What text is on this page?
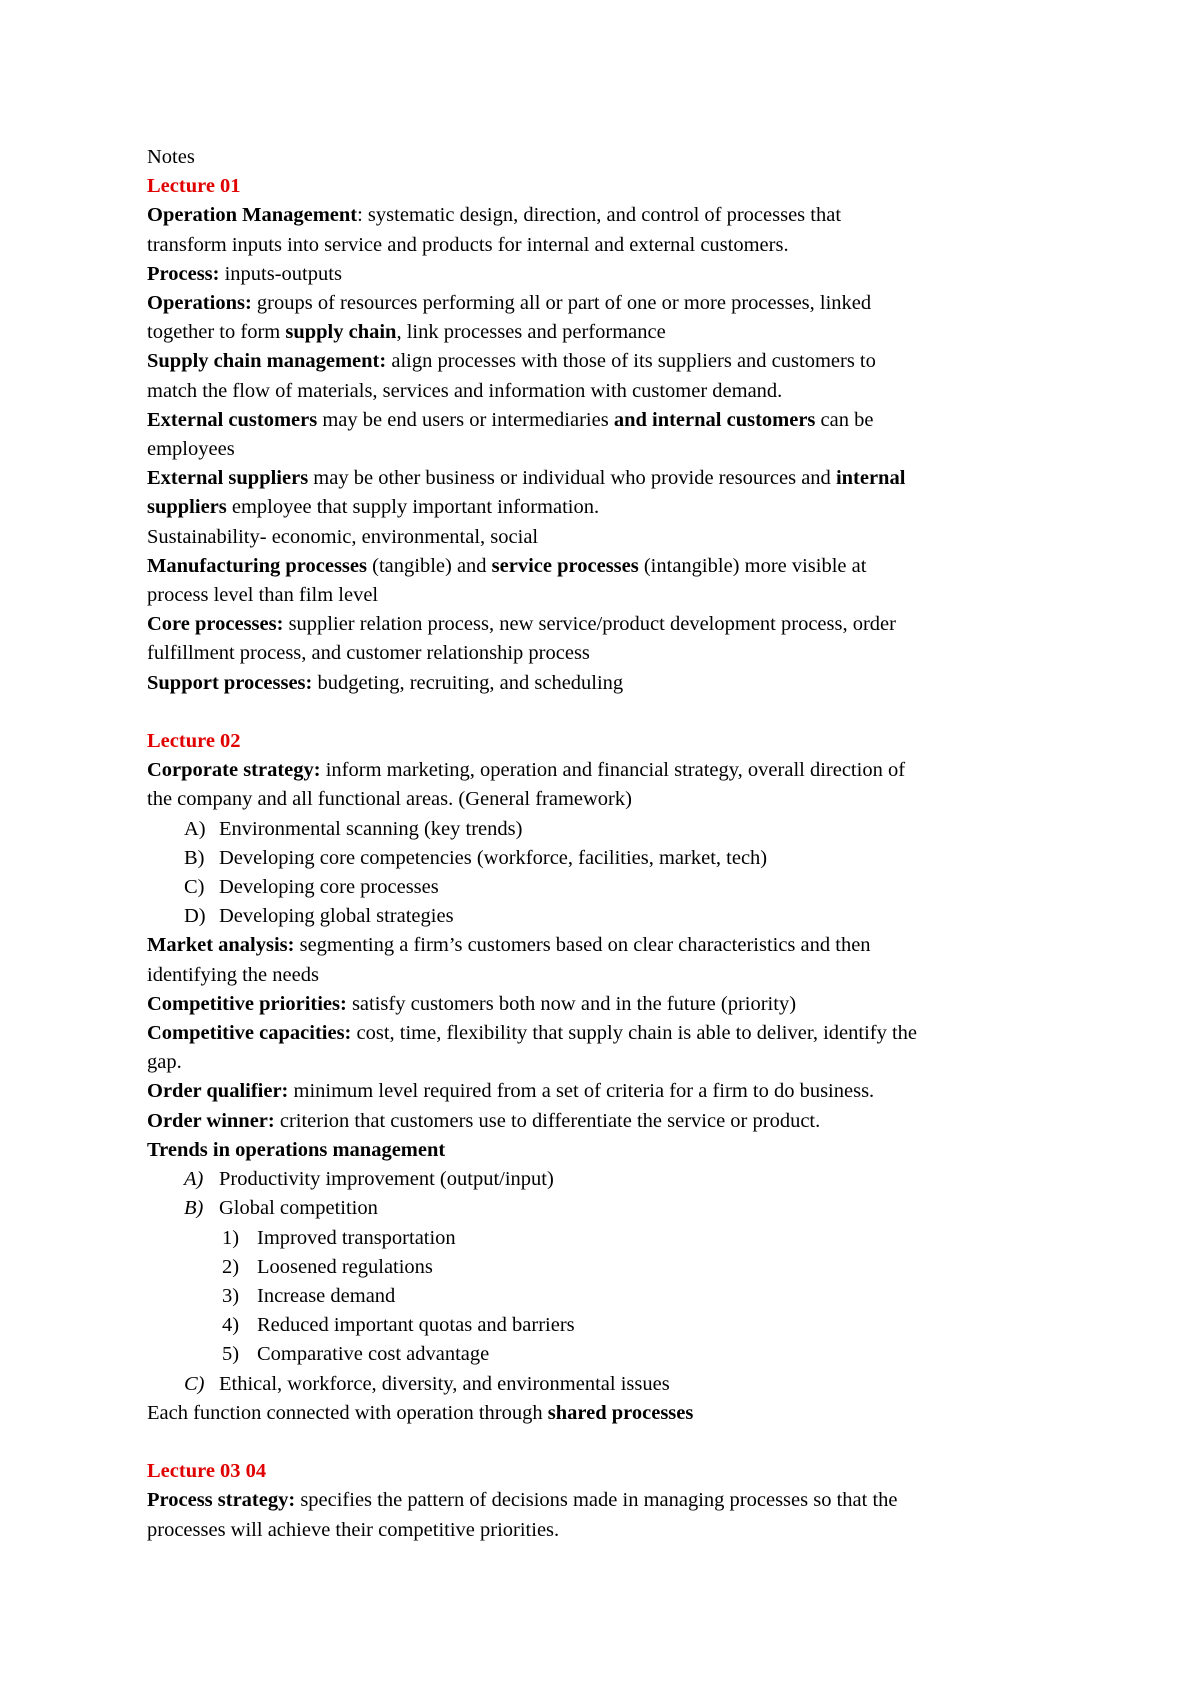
Notes

Lecture 01

Operation Management: systematic design, direction, and control of processes that

transform inputs into service and products for internal and external customers.

Process: inputs-outputs

Operations: groups of resources performing all or part of one or more processes, linked

together to form supply chain, link processes and performance

Supply chain management: align processes with those of its suppliers and customers to

match the flow of materials, services and information with customer demand.

External customers may be end users or intermediaries and internal customers can be

employees

External suppliers may be other business or individual who provide resources and internal

suppliers employee that supply important information.

Sustainability- economic, environmental, social

Manufacturing processes (tangible) and service processes (intangible) more visible at

process level than film level

Core processes: supplier relation process, new service/product development process, order

fulfillment process, and customer relationship process

Support processes: budgeting, recruiting, and scheduling

Lecture 02

Corporate strategy: inform marketing, operation and financial strategy, overall direction of

the company and all functional areas. (General framework)

A) Environmental scanning (key trends)

B) Developing core competencies (workforce, facilities, market, tech)

C) Developing core processes

D) Developing global strategies

Market analysis: segmenting a firm’s customers based on clear characteristics and then

identifying the needs

Competitive priorities: satisfy customers both now and in the future (priority)

Competitive capacities: cost, time, flexibility that supply chain is able to deliver, identify the

gap.

Order qualifier: minimum level required from a set of criteria for a firm to do business.

Order winner: criterion that customers use to differentiate the service or product.

Trends in operations management

A) Productivity improvement (output/input)

B) Global competition

1) Improved transportation

2) Loosened regulations

3) Increase demand

4) Reduced important quotas and barriers

5) Comparative cost advantage

C) Ethical, workforce, diversity, and environmental issues

Each function connected with operation through shared processes

Lecture 03 04

Process strategy: specifies the pattern of decisions made in managing processes so that the

processes will achieve their competitive priorities.
